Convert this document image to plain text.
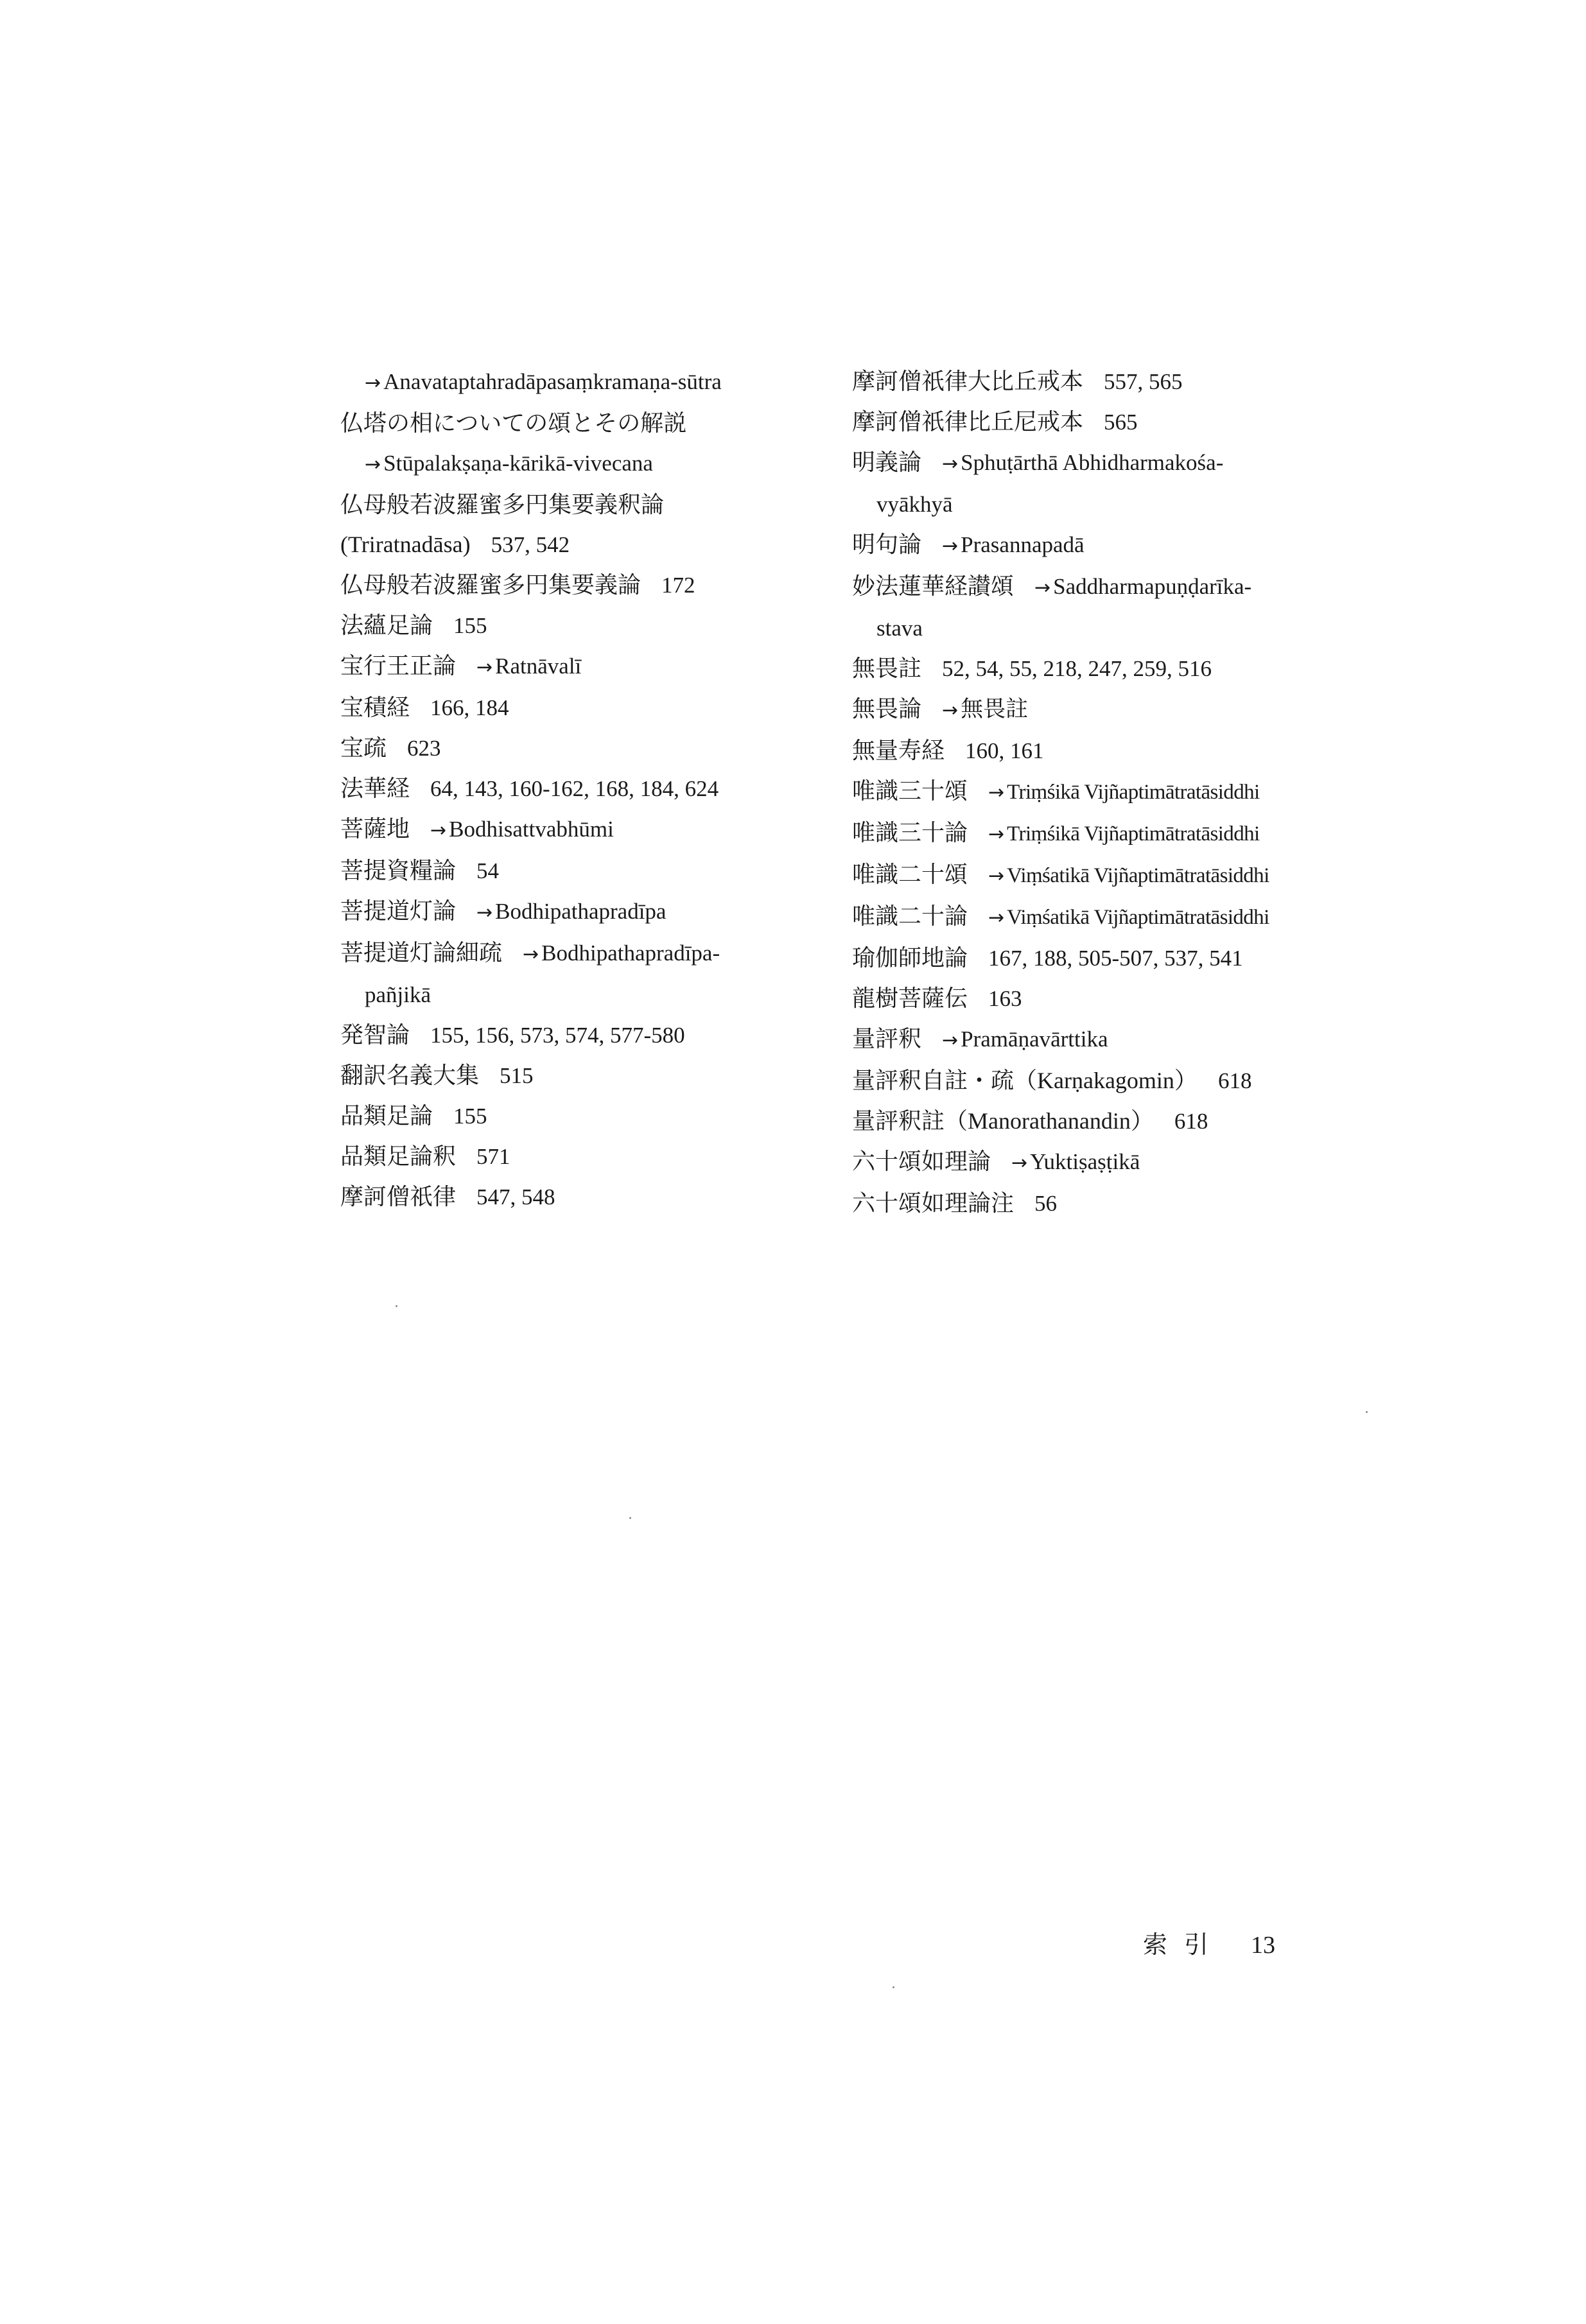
→ Anavataptahradāpasaṃkramaṇa-sūtra
仏塔の相についての頌とその解説
→ Stūpalakṣaṇa-kārikā-vivecana
仏母般若波羅蜜多円集要義釈論
(Triratnadāsa) 537, 542
仏母般若波羅蜜多円集要義論 172
法蘊足論 155
宝行王正論 → Ratnāvalī
宝積経 166, 184
宝疏 623
法華経 64, 143, 160-162, 168, 184, 624
菩薩地 → Bodhisattvabhūmi
菩提資糧論 54
菩提道灯論 → Bodhipathapradīpa
菩提道灯論細疏 → Bodhipathapradīpa-
pañjikā
発智論 155, 156, 573, 574, 577-580
翻訳名義大集 515
品類足論 155
品類足論釈 571
摩訶僧祇律 547, 548
摩訶僧祇律大比丘戒本 557, 565
摩訶僧祇律比丘尼戒本 565
明義論 → Sphuṭārthā Abhidharmakośa-
vyākhyā
明句論 → Prasannapadā
妙法蓮華経讃頌 → Saddharmapuṇḍarīka-
stava
無畏註 52, 54, 55, 218, 247, 259, 516
無畏論 → 無畏註
無量寿経 160, 161
唯識三十頌 → Triṃśikā Vijñaptimātratāsiddhi
唯識三十論 → Triṃśikā Vijñaptimātratāsiddhi
唯識二十頌 → Viṃśatikā Vijñaptimātratāsiddhi
唯識二十論 → Viṃśatikā Vijñaptimātratāsiddhi
瑜伽師地論 167, 188, 505-507, 537, 541
龍樹菩薩伝 163
量評釈 → Pramāṇavārttika
量評釈自註・疏（Karṇakagomin） 618
量評釈註（Manorathanandin） 618
六十頌如理論 → Yuktiṣaṣṭikā
六十頌如理論注 56
索引 13
